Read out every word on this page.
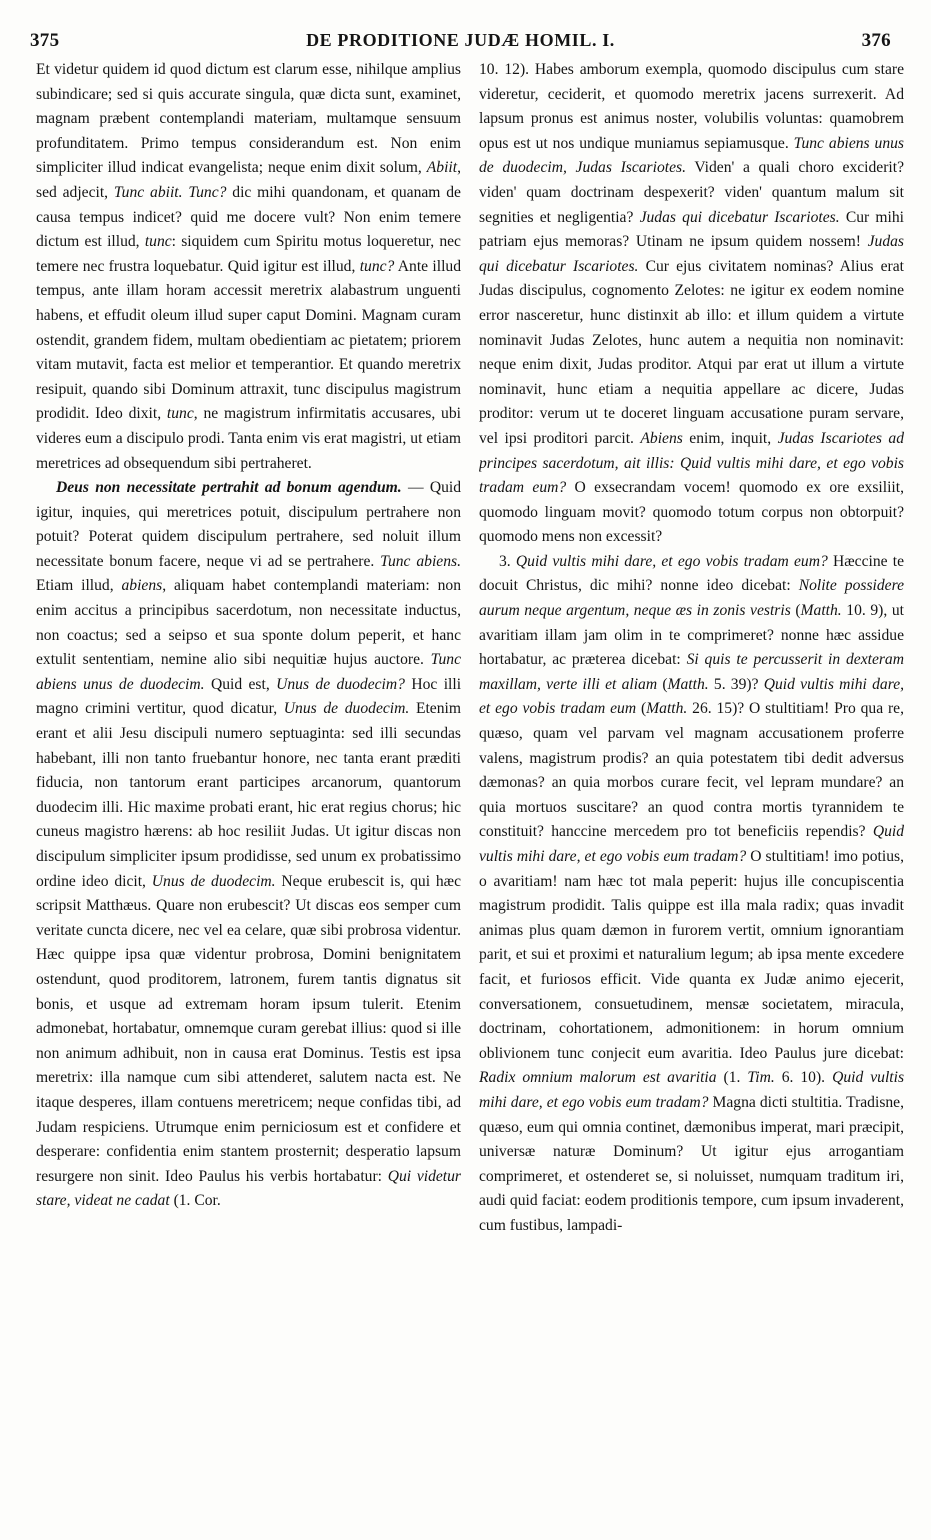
375	DE PRODITIONE JUDÆ HOMIL. I.	376

Et videtur quidem id quod dictum est clarum esse, nihilque amplius subindicare; sed si quis accurate singula, quæ dicta sunt, examinet, magnam præbent contemplandi materiam, multamque sensuum profunditatem. Primo tempus considerandum est. Non enim simpliciter illud indicat evangelista; neque enim dixit solum, Abiit, sed adjecit, Tunc abiit. Tunc? dic mihi quandonam, et quanam de causa tempus indicet? quid me docere vult? Non enim temere dictum est illud, tunc: siquidem cum Spiritu motus loqueretur, nec temere nec frustra loquebatur. Quid igitur est illud, tunc? Ante illud tempus, ante illam horam accessit meretrix alabastrum unguenti habens, et effudit oleum illud super caput Domini. Magnam curam ostendit, grandem fidem, multam obedientiam ac pietatem; priorem vitam mutavit, facta est melior et temperantior. Et quando meretrix resipuit, quando sibi Dominum attraxit, tunc discipulus magistrum prodidit. Ideo dixit, tunc, ne magistrum infirmitatis accusares, ubi videres eum a discipulo prodi. Tanta enim vis erat magistri, ut etiam meretrices ad obsequendum sibi pertraheret.

Deus non necessitate pertrahit ad bonum agendum. — Quid igitur, inquies, qui meretrices potuit, discipulum pertrahere non potuit? Poterat quidem discipulum pertrahere, sed noluit illum necessitate bonum facere, neque vi ad se pertrahere. Tunc abiens. Etiam illud, abiens, aliquam habet contemplandi materiam: non enim accitus a principibus sacerdotum, non necessitate inductus, non coactus; sed a seipso et sua sponte dolum peperit, et hanc extulit sententiam, nemine alio sibi nequitiæ hujus auctore. Tunc abiens unus de duodecim. Quid est, Unus de duodecim? Hoc illi magno crimini vertitur, quod dicatur, Unus de duodecim. Etenim erant et alii Jesu discipuli numero septuaginta: sed illi secundas habebant, illi non tanto fruebantur honore, nec tanta erant præditi fiducia, non tantorum erant participes arcanorum, quantorum duodecim illi. Hic maxime probati erant, hic erat regius chorus; hic cuneus magistro hærens: ab hoc resiliit Judas. Ut igitur discas non discipulum simpliciter ipsum prodidisse, sed unum ex probatissimo ordine ideo dicit, Unus de duodecim. Neque erubescit is, qui hæc scripsit Matthæus. Quare non erubescit? Ut discas eos semper cum veritate cuncta dicere, nec vel ea celare, quæ sibi probrosa videntur. Hæc quippe ipsa quæ videntur probrosa, Domini benignitatem ostendunt, quod proditorem, latronem, furem tantis dignatus sit bonis, et usque ad extremam horam ipsum tulerit. Etenim admonebat, hortabatur, omnemque curam gerebat illius: quod si ille non animum adhibuit, non in causa erat Dominus. Testis est ipsa meretrix: illa namque cum sibi attenderet, salutem nacta est. Ne itaque desperes, illam contuens meretricem; neque confidas tibi, ad Judam respiciens. Utrumque enim perniciosum est et confidere et desperare: confidentia enim stantem prosternit; desperatio lapsum resurgere non sinit. Ideo Paulus his verbis hortabatur: Qui videtur stare, videat ne cadat (1. Cor.

10. 12). Habes amborum exempla, quomodo discipulus cum stare videretur, ceciderit, et quomodo meretrix jacens surrexerit. Ad lapsum pronus est animus noster, volubilis voluntas: quamobrem opus est ut nos undique muniamus sepiamusque. Tunc abiens unus de duodecim, Judas Iscariotes. Viden' a quali choro exciderit? viden' quam doctrinam despexerit? viden' quantum malum sit segnities et negligentia? Judas qui dicebatur Iscariotes. Cur mihi patriam ejus memoras? Utinam ne ipsum quidem nossem! Judas qui dicebatur Iscariotes. Cur ejus civitatem nominas? Alius erat Judas discipulus, cognomento Zelotes: ne igitur ex eodem nomine error nasceretur, hunc distinxit ab illo: et illum quidem a virtute nominavit Judas Zelotes, hunc autem a nequitia non nominavit: neque enim dixit, Judas proditor. Atqui par erat ut illum a virtute nominavit, hunc etiam a nequitia appellare ac dicere, Judas proditor: verum ut te doceret linguam accusatione puram servare, vel ipsi proditori parcit. Abiens enim, inquit, Judas Iscariotes ad principes sacerdotum, ait illis: Quid vultis mihi dare, et ego vobis tradam eum? O exsecrandam vocem! quomodo ex ore exsiliit, quomodo linguam movit? quomodo totum corpus non obtorpuit? quomodo mens non excessit?

3. Quid vultis mihi dare, et ego vobis tradam eum? Hæccine te docuit Christus, dic mihi? nonne ideo dicebat: Nolite possidere aurum neque argentum, neque æs in zonis vestris (Matth. 10. 9), ut avaritiam illam jam olim in te comprimeret? nonne hæc assidue hortabatur, ac præterea dicebat: Si quis te percusserit in dexteram maxillam, verte illi et aliam (Matth. 5. 39)? Quid vultis mihi dare, et ego vobis tradam eum (Matth. 26. 15)? O stultitiam! Pro qua re, quæso, quam vel parvam vel magnam accusationem proferre valens, magistrum prodis? an quia potestatem tibi dedit adversus dæmonas? an quia morbos curare fecit, vel lepram mundare? an quia mortuos suscitare? an quod contra mortis tyrannidem te constituit? hanccine mercedem pro tot beneficiis rependis? Quid vultis mihi dare, et ego vobis eum tradam? O stultitiam! imo potius, o avaritiam! nam hæc tot mala peperit: hujus ille concupiscentia magistrum prodidit. Talis quippe est illa mala radix; quas invadit animas plus quam dæmon in furorem vertit, omnium ignorantiam parit, et sui et proximi et naturalium legum; ab ipsa mente excedere facit, et furiosos efficit. Vide quanta ex Judæ animo ejecerit, conversationem, consuetudinem, mensæ societatem, miracula, doctrinam, cohortationem, admonitionem: in horum omnium oblivionem tunc conjecit eum avaritia. Ideo Paulus jure dicebat: Radix omnium malorum est avaritia (1. Tim. 6. 10). Quid vultis mihi dare, et ego vobis eum tradam? Magna dicti stultitia. Tradisne, quæso, eum qui omnia continet, dæmonibus imperat, mari præcipit, universæ naturæ Dominum? Ut igitur ejus arrogantiam comprimeret, et ostenderet se, si noluisset, numquam traditum iri, audi quid faciat: eodem proditionis tempore, cum ipsum invaderent, cum fustibus, lampadi-
